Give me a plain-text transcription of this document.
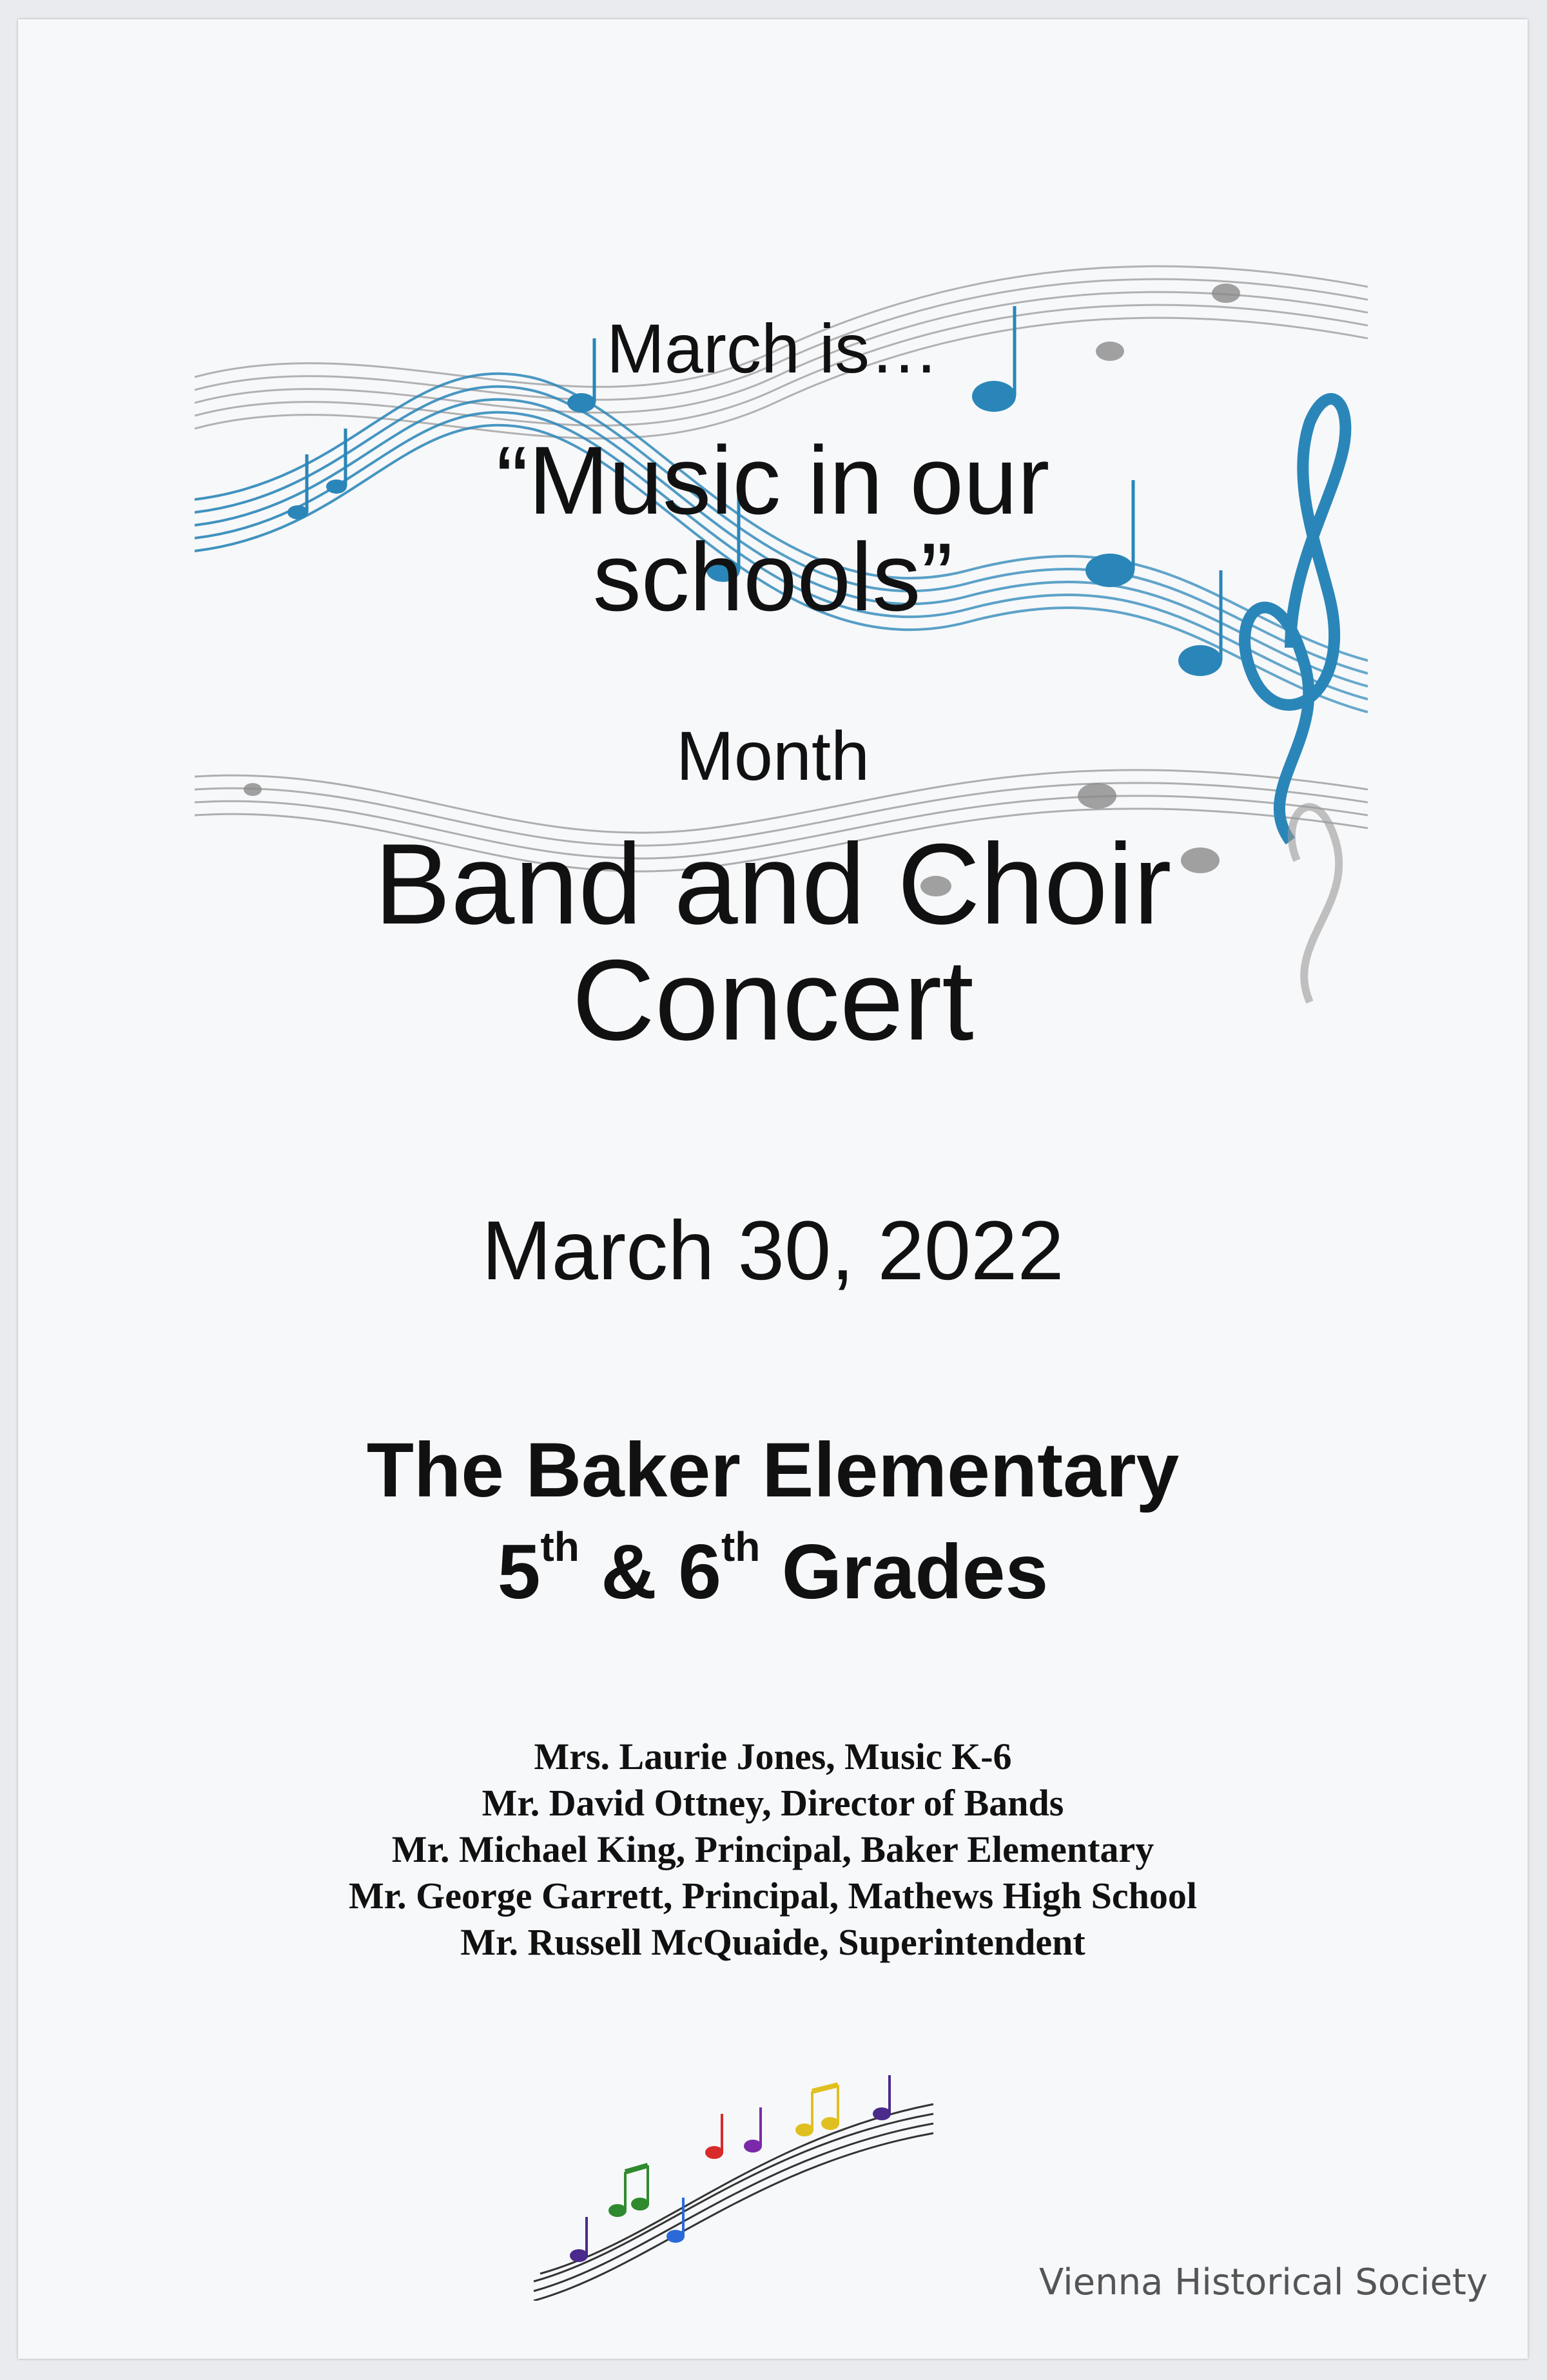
March is…
“Music in our
schools”
Month
Band and Choir
Concert
March 30, 2022
The Baker Elementary
5th & 6th Grades
Mrs. Laurie Jones, Music K-6
Mr. David Ottney, Director of Bands
Mr. Michael King, Principal, Baker Elementary
Mr. George Garrett, Principal, Mathews High School
Mr. Russell McQuaide, Superintendent
Vienna Historical Society
